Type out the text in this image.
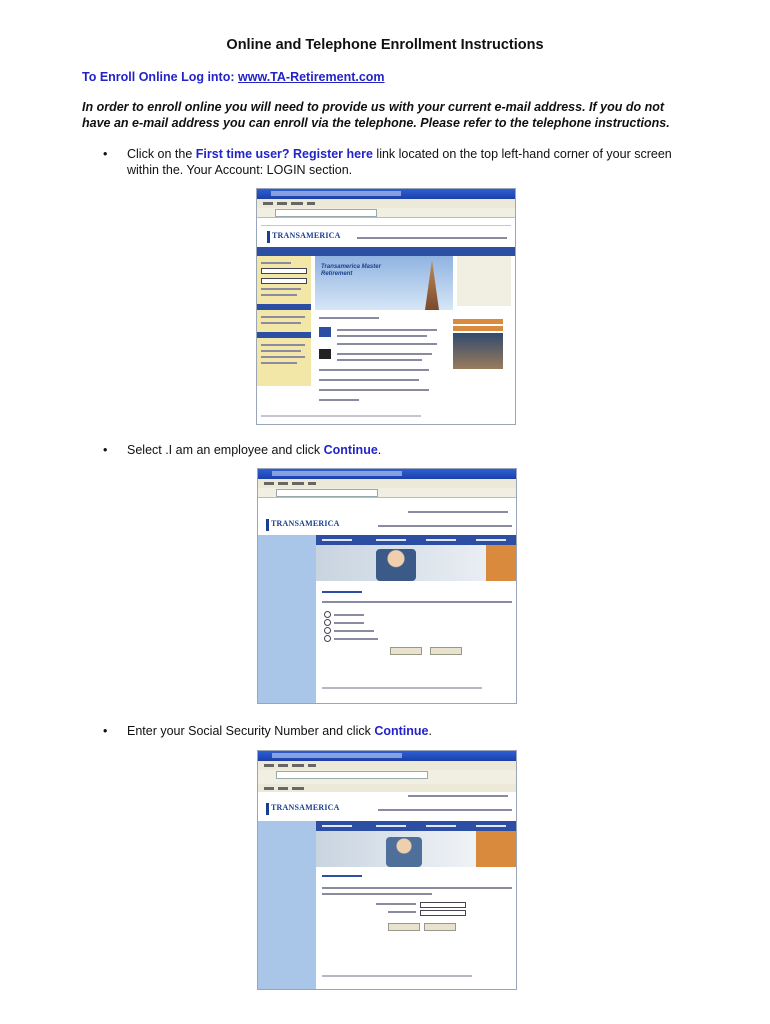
Online and Telephone Enrollment Instructions
To Enroll Online Log into: www.TA-Retirement.com
In order to enroll online you will need to provide us with your current e-mail address. If you do not have an e-mail address you can enroll via the telephone. Please refer to the telephone instructions.
• Click on the First time user? Register here link located on the top left-hand corner of your screen within the. Your Account: LOGIN section.
TRANSAMERICA
Transamerica Master Retirement
• Select .I am an employee and click Continue.
TRANSAMERICA
• Enter your Social Security Number and click Continue.
TRANSAMERICA
